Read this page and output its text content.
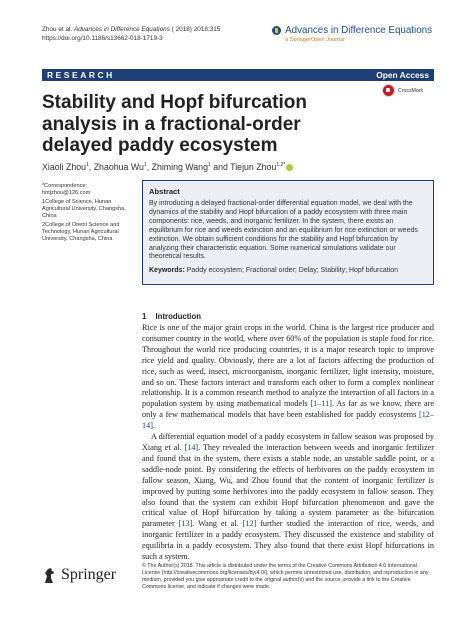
Zhou et al. Advances in Difference Equations ( 2018) 2018:315
https://doi.org/10.1186/s13662-018-1719-3
Advances in Difference Equations
a SpringerOpen Journal
RESEARCH	Open Access
CrossMark
Stability and Hopf bifurcation analysis in a fractional-order delayed paddy ecosystem
Xiaoli Zhou$^1$, Zhaohua Wu$^1$, Zhiming Wang$^1$ and Tiejun Zhou$^{1,2*}$

*Correspondence: hntjzhou@126.com

1College of Science, Hunan Agricultural University, Changsha, China

2College of Orient Science and Technology, Hunan Agricultural University, Changsha, China

Abstract
By introducing a delayed fractional-order differential equation model, we deal with the dynamics of the stability and Hopf bifurcation of a paddy ecosystem with three main components: rice, weeds, and inorganic fertilizer. In the system, there exists an equilibrium for rice and weeds extinction and an equilibrium for rice extinction or weeds extinction. We obtain sufficient conditions for the stability and Hopf bifurcation by analyzing their characteristic equation. Some numerical simulations validate our theoretical results.
Keywords: Paddy ecosystem; Fractional order; Delay; Stability; Hopf bifurcation
1 Introduction

Rice is one of the major grain crops in the world. China is the largest rice producer and consumer country in the world, where over 60% of the population is staple food for rice. Throughout the world rice producing countries, it is a major research topic to improve rice yield and quality. Obviously, there are a lot of factors affecting the production of rice, such as weed, insect, microorganism, inorganic fertilizer, light intensity, moisture, and so on. These factors interact and transform each other to form a complex nonlinear relationship. It is a common research method to analyze the interaction of all factors in a population system by using mathematical models [1–11]. As far as we know, there are only a few mathematical models that have been established for paddy ecosystems [12–14].

A differential equation model of a paddy ecosystem in fallow season was proposed by Xiang et al. [14]. They revealed the interaction between weeds and inorganic fertilizer and found that in the system, there exists a stable node, an unstable saddle point, or a saddle-node point. By considering the effects of herbivores on the paddy ecosystem in fallow season, Xiang, Wu, and Zhou found that the content of inorganic fertilizer is improved by putting some herbivores into the paddy ecosystem in fallow season. They also found that the system can exhibit Hopf bifurcation phenomenon and gave the critical value of Hopf bifurcation by taking a system parameter as the bifurcation parameter [13]. Wang et al. [12] further studied the interaction of rice, weeds, and inorganic fertilizer in a paddy ecosystem. They discussed the existence and stability of equilibria in a paddy ecosystem. They also found that there exist Hopf bifurcations in such a system.

Springer	© The Author(s) 2018. This article is distributed under the terms of the Creative Commons Attribution 4.0 International License (http://creativecommons.org/licenses/by/4.0/), which permits unrestricted use, distribution, and reproduction in any medium, provided you give appropriate credit to the original author(s) and the source, provide a link to the Creative Commons license, and indicate if changes were made.
